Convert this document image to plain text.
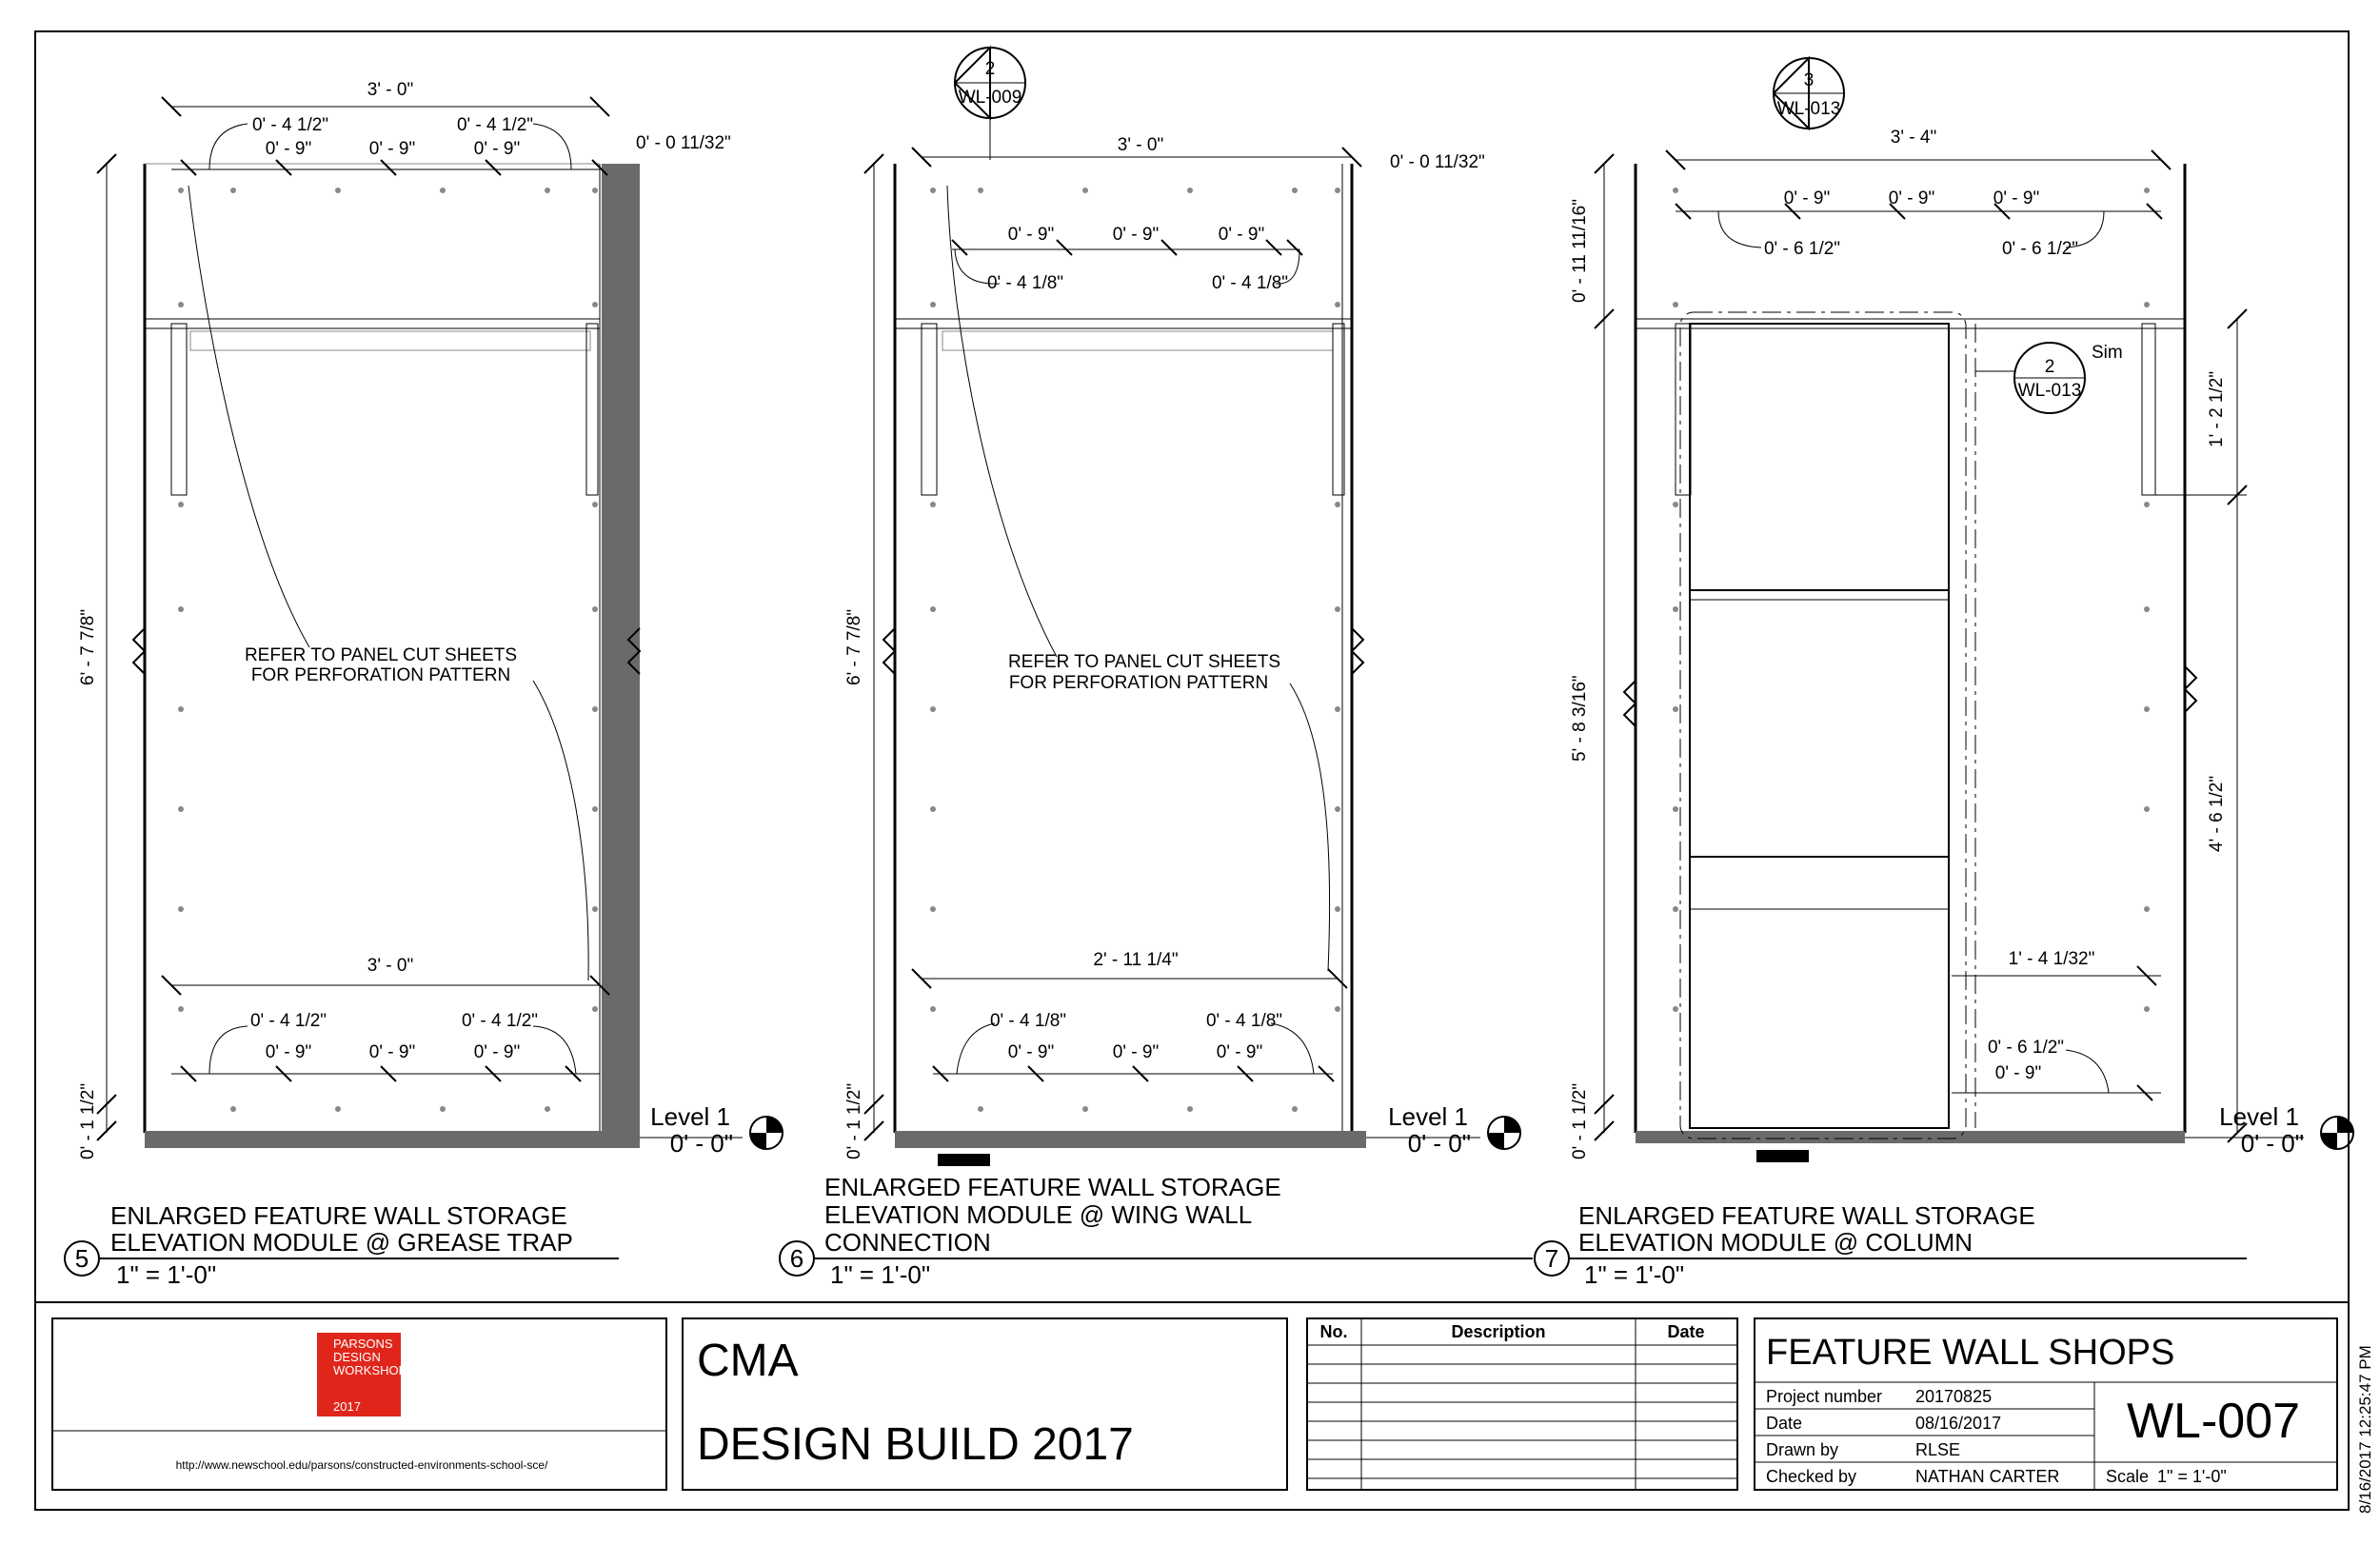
3' - 0"
0' - 4 1/2"	0' - 4 1/2"
0' - 9"	0' - 9"	0' - 9"	0' - 0 11/32"
6' - 7 7/8"
0' - 1 1/2"
REFER TO PANEL CUT SHEETS
FOR PERFORATION PATTERN
3' - 0"
0' - 4 1/2"	0' - 4 1/2"
0' - 9"	0' - 9"	0' - 9"
Level 1
0' - 0"
ENLARGED FEATURE WALL STORAGE
ELEVATION MODULE @ GREASE TRAP
5
1" = 1'-0"
2
WL-009
3' - 0"
0' - 0 11/32"
0' - 9"	0' - 9"	0' - 9"
0' - 4 1/8"	0' - 4 1/8"
6' - 7 7/8"
0' - 1 1/2"
REFER TO PANEL CUT SHEETS
FOR PERFORATION PATTERN
2' - 11 1/4"
0' - 4 1/8"	0' - 4 1/8"
0' - 9"	0' - 9"	0' - 9"
Level 1
0' - 0"
ENLARGED FEATURE WALL STORAGE
ELEVATION MODULE @ WING WALL
CONNECTION
6
1" = 1'-0"
3
WL-013
3' - 4"
0' - 9"	0' - 9"	0' - 9"
0' - 6 1/2"	0' - 6 1/2"
0' - 11 11/16"
5' - 8 3/16"
0' - 1 1/2"
2
WL-013
Sim
1' - 2 1/2"
4' - 6 1/2"
1' - 4 1/32"
0' - 6 1/2"
0' - 9"
Level 1
0' - 0"
ENLARGED FEATURE WALL STORAGE
ELEVATION MODULE @ COLUMN
7
1" = 1'-0"
PARSONS
DESIGN
WORKSHOP
2017
http://www.newschool.edu/parsons/constructed-environments-school-sce/
CMA
DESIGN BUILD 2017
No.	Description	Date
FEATURE WALL SHOPS
Project number 20170825
Date	08/16/2017
Drawn by	RLSE
Checked by	NATHAN CARTER
WL-007
Scale 1" = 1'-0"	8/16/2017 12:25:47 PM
